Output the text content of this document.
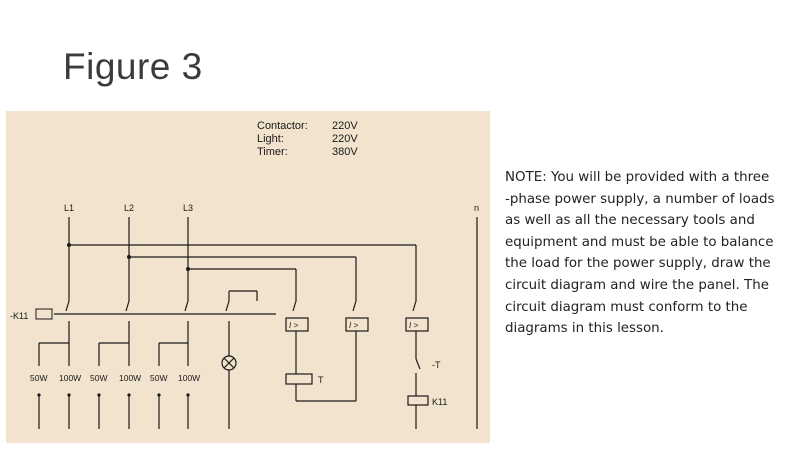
Figure 3
Contactor: 220V
Light:	220V
Timer:	380V
L1	L2	L3	n
-K11
50W 100W 50W 100W 50W 100W
I >	I >	I >
T
-T
K11
NOTE: You will be provided with a three
-phase power supply, a number of loads
as well as all the necessary tools and
equipment and must be able to balance
the load for the power supply, draw the
circuit diagram and wire the panel. The
circuit diagram must conform to the
diagrams in this lesson.
